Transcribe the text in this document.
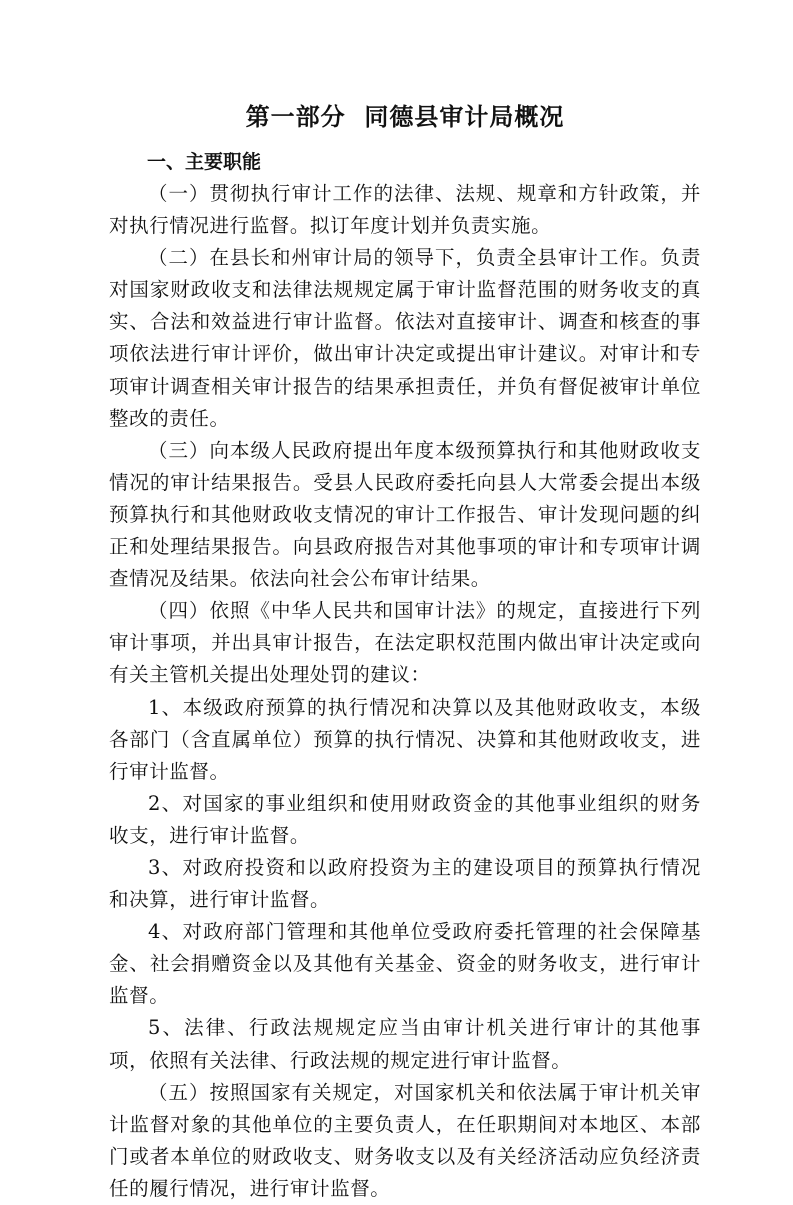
第一部分  同德县审计局概况
一、主要职能

（一）贯彻执行审计工作的法律、法规、规章和方针政策，并对执行情况进行监督。拟订年度计划并负责实施。

（二）在县长和州审计局的领导下，负责全县审计工作。负责对国家财政收支和法律法规规定属于审计监督范围的财务收支的真实、合法和效益进行审计监督。依法对直接审计、调查和核查的事项依法进行审计评价，做出审计决定或提出审计建议。对审计和专项审计调查相关审计报告的结果承担责任，并负有督促被审计单位整改的责任。

（三）向本级人民政府提出年度本级预算执行和其他财政收支情况的审计结果报告。受县人民政府委托向县人大常委会提出本级预算执行和其他财政收支情况的审计工作报告、审计发现问题的纠正和处理结果报告。向县政府报告对其他事项的审计和专项审计调查情况及结果。依法向社会公布审计结果。

（四）依照《中华人民共和国审计法》的规定，直接进行下列审计事项，并出具审计报告，在法定职权范围内做出审计决定或向有关主管机关提出处理处罚的建议：

1、本级政府预算的执行情况和决算以及其他财政收支，本级各部门（含直属单位）预算的执行情况、决算和其他财政收支，进行审计监督。

2、对国家的事业组织和使用财政资金的其他事业组织的财务收支，进行审计监督。

3、对政府投资和以政府投资为主的建设项目的预算执行情况和决算，进行审计监督。

4、对政府部门管理和其他单位受政府委托管理的社会保障基金、社会捐赠资金以及其他有关基金、资金的财务收支，进行审计监督。

5、法律、行政法规规定应当由审计机关进行审计的其他事项，依照有关法律、行政法规的规定进行审计监督。

（五）按照国家有关规定，对国家机关和依法属于审计机关审计监督对象的其他单位的主要负责人，在任职期间对本地区、本部门或者本单位的财政收支、财务收支以及有关经济活动应负经济责任的履行情况，进行审计监督。
